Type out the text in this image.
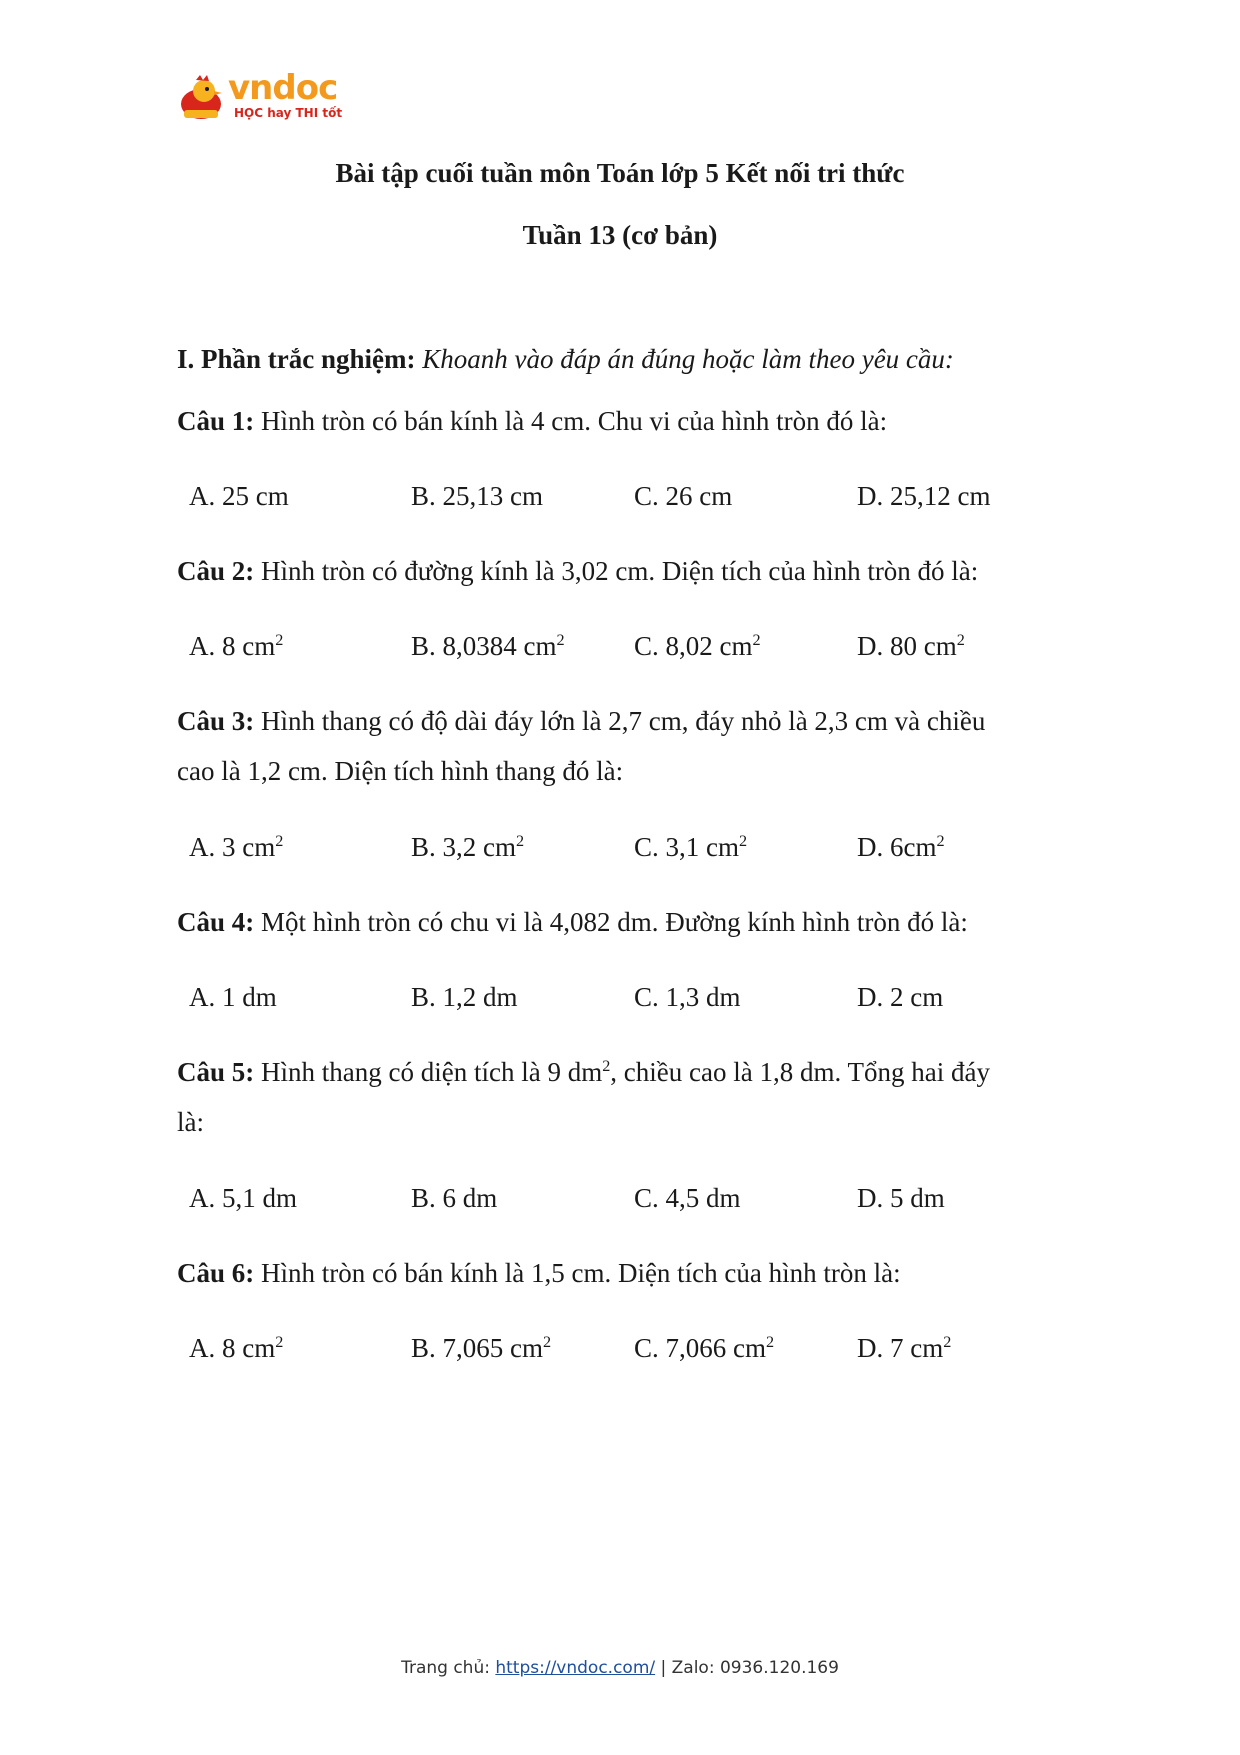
vndoc
HỌC hay THI tốt
Bài tập cuối tuần môn Toán lớp 5 Kết nối tri thức
Tuần 13 (cơ bản)
I. Phần trắc nghiệm: Khoanh vào đáp án đúng hoặc làm theo yêu cầu:
Câu 1: Hình tròn có bán kính là 4 cm. Chu vi của hình tròn đó là:
A. 25 cm	B. 25,13 cm	C. 26 cm	D. 25,12 cm
Câu 2: Hình tròn có đường kính là 3,02 cm. Diện tích của hình tròn đó là:
A. 8 $cm^2$	B. 8,0384 $cm^2$	C. 8,02 $cm^2$	D. 80 $cm^2$
Câu 3: Hình thang có độ dài đáy lớn là 2,7 cm, đáy nhỏ là 2,3 cm và chiều
cao là 1,2 cm. Diện tích hình thang đó là:
A. 3 $cm^2$	B. 3,2 $cm^2$	C. 3,1 $cm^2$	D. $6cm^2$
Câu 4: Một hình tròn có chu vi là 4,082 dm. Đường kính hình tròn đó là:
A. 1 dm	B. 1,2 dm	C. 1,3 dm	D. 2 cm
Câu 5: Hình thang có diện tích là 9 $dm^2$, chiều cao là 1,8 dm. Tổng hai đáy
là:
A. 5,1 dm	B. 6 dm	C. 4,5 dm	D. 5 dm
Câu 6: Hình tròn có bán kính là 1,5 cm. Diện tích của hình tròn là:
A. 8 $cm^2$	B. 7,065 $cm^2$	C. 7,066 $cm^2$	D. 7 $cm^2$
Trang chủ: https://vndoc.com/ | Zalo: 0936.120.169
